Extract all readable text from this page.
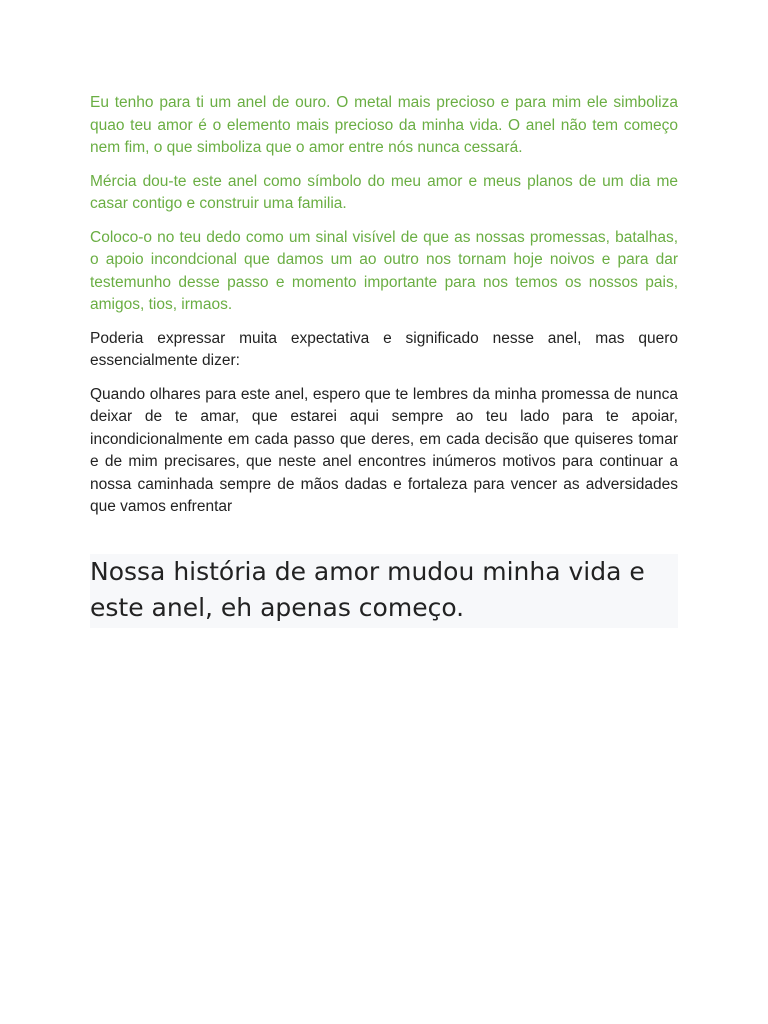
Eu tenho para ti um anel de ouro. O metal mais precioso e para mim ele simboliza quao teu amor é o elemento mais precioso da minha vida. O anel não tem começo nem fim, o que simboliza que o amor entre nós nunca cessará.

Mércia dou-te este anel como símbolo do meu amor e meus planos de um dia me casar contigo e construir uma familia.

Coloco-o no teu dedo como um sinal visível de que as nossas promessas, batalhas, o apoio incondcional que damos um ao outro nos tornam hoje noivos e para dar testemunho desse passo e momento importante para nos temos os nossos pais, amigos, tios, irmaos.

Poderia expressar muita expectativa e significado nesse anel, mas quero essencialmente dizer:

Quando olhares para este anel, espero que te lembres da minha promessa de nunca deixar de te amar, que estarei aqui sempre ao teu lado para te apoiar, incondicionalmente em cada passo que deres, em cada decisão que quiseres tomar e de mim precisares, que neste anel encontres inúmeros motivos para continuar a nossa caminhada sempre de mãos dadas e fortaleza para vencer as adversidades que vamos enfrentar

Nossa história de amor mudou minha vida e este anel, eh apenas começo.
